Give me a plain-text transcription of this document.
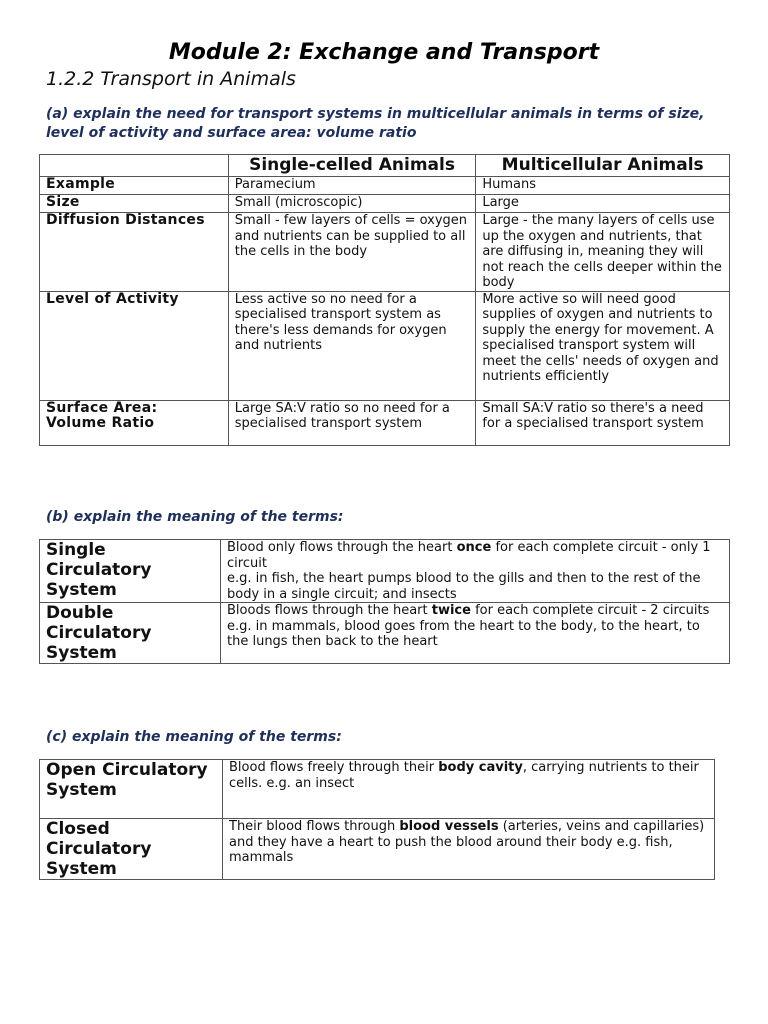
Module 2: Exchange and Transport
1.2.2 Transport in Animals

(a) explain the need for transport systems in multicellular animals in terms of size, level of activity and surface area: volume ratio

	Single-celled Animals	Multicellular Animals
Example	Paramecium	Humans
Size	Small (microscopic)	Large
Diffusion Distances	Small - few layers of cells = oxygen and nutrients can be supplied to all the cells in the body	Large - the many layers of cells use up the oxygen and nutrients, that are diffusing in, meaning they will not reach the cells deeper within the body
Level of Activity	Less active so no need for a specialised transport system as there's less demands for oxygen and nutrients	More active so will need good supplies of oxygen and nutrients to supply the energy for movement. A specialised transport system will meet the cells' needs of oxygen and nutrients efficiently
Surface Area: Volume Ratio	Large SA:V ratio so no need for a specialised transport system	Small SA:V ratio so there's a need for a specialised transport system

(b) explain the meaning of the terms:

Single Circulatory System	Blood only flows through the heart once for each complete circuit - only 1 circuit
e.g. in fish, the heart pumps blood to the gills and then to the rest of the body in a single circuit; and insects
Double Circulatory System	Bloods flows through the heart twice for each complete circuit - 2 circuits
e.g. in mammals, blood goes from the heart to the body, to the heart, to the lungs then back to the heart

(c) explain the meaning of the terms:

Open Circulatory System	Blood flows freely through their body cavity, carrying nutrients to their cells. e.g. an insect
Closed Circulatory System	Their blood flows through blood vessels (arteries, veins and capillaries) and they have a heart to push the blood around their body e.g. fish, mammals
